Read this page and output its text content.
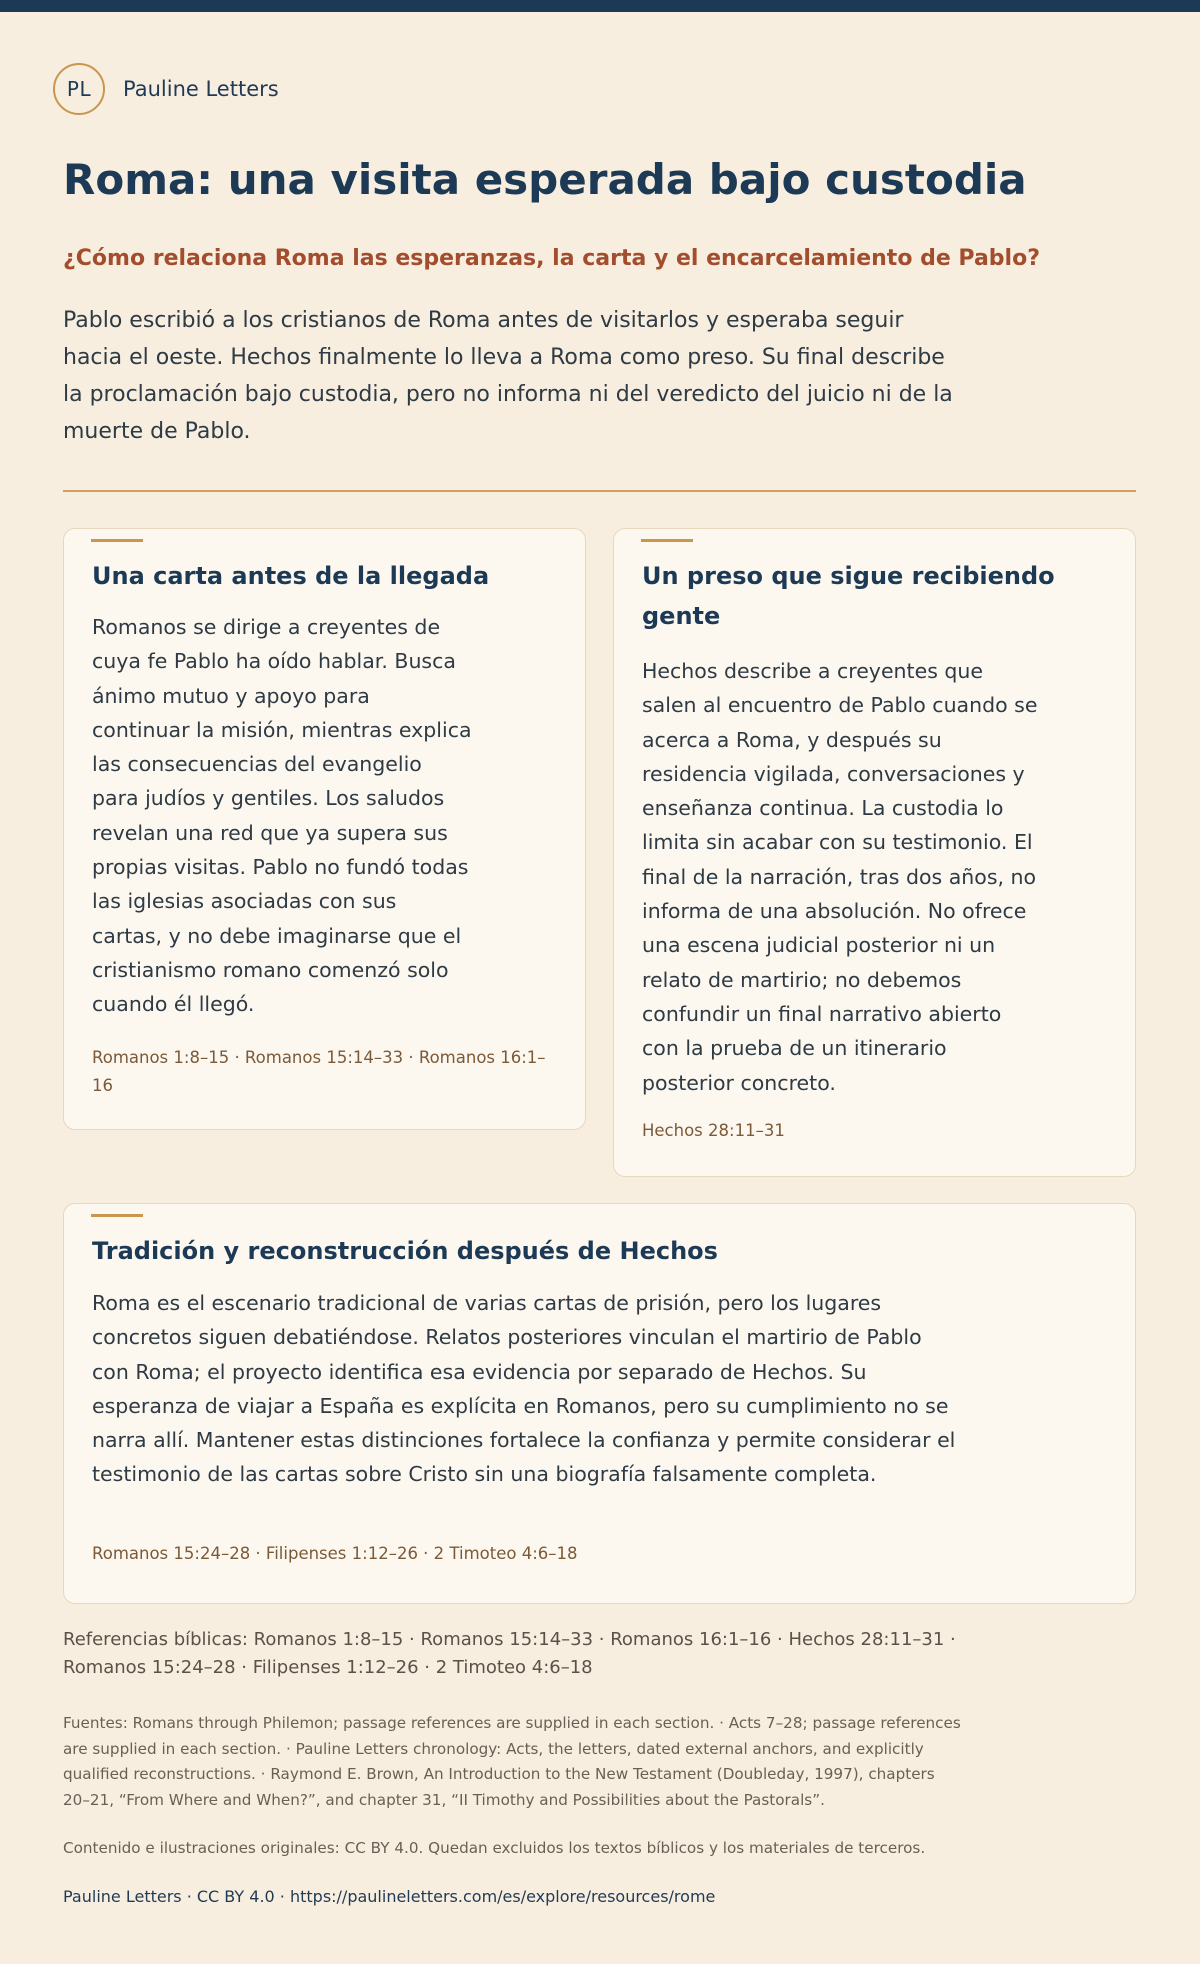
PL	Pauline Letters
Roma: una visita esperada bajo custodia
¿Cómo relaciona Roma las esperanzas, la carta y el encarcelamiento de Pablo?

Pablo escribió a los cristianos de Roma antes de visitarlos y esperaba seguir hacia el oeste. Hechos finalmente lo lleva a Roma como preso. Su final describe la proclamación bajo custodia, pero no informa ni del veredicto del juicio ni de la muerte de Pablo.

Una carta antes de la llegada

Romanos se dirige a creyentes de cuya fe Pablo ha oído hablar. Busca ánimo mutuo y apoyo para continuar la misión, mientras explica las consecuencias del evangelio para judíos y gentiles. Los saludos revelan una red que ya supera sus propias visitas. Pablo no fundó todas las iglesias asociadas con sus cartas, y no debe imaginarse que el cristianismo romano comenzó solo cuando él llegó.

Romanos 1:8–15 · Romanos 15:14–33 · Romanos 16:1–16
Un preso que sigue recibiendo gente

Hechos describe a creyentes que salen al encuentro de Pablo cuando se acerca a Roma, y después su residencia vigilada, conversaciones y enseñanza continua. La custodia lo limita sin acabar con su testimonio. El final de la narración, tras dos años, no informa de una absolución. No ofrece una escena judicial posterior ni un relato de martirio; no debemos confundir un final narrativo abierto con la prueba de un itinerario posterior concreto.

Hechos 28:11–31
Tradición y reconstrucción después de Hechos

Roma es el escenario tradicional de varias cartas de prisión, pero los lugares concretos siguen debatiéndose. Relatos posteriores vinculan el martirio de Pablo con Roma; el proyecto identifica esa evidencia por separado de Hechos. Su esperanza de viajar a España es explícita en Romanos, pero su cumplimiento no se narra allí. Mantener estas distinciones fortalece la confianza y permite considerar el testimonio de las cartas sobre Cristo sin una biografía falsamente completa.

Romanos 15:24–28 · Filipenses 1:12–26 · 2 Timoteo 4:6–18

Referencias bíblicas: Romanos 1:8–15 · Romanos 15:14–33 · Romanos 16:1–16 · Hechos 28:11–31 · Romanos 15:24–28 · Filipenses 1:12–26 · 2 Timoteo 4:6–18

Fuentes: Romans through Philemon; passage references are supplied in each section. · Acts 7–28; passage references are supplied in each section. · Pauline Letters chronology: Acts, the letters, dated external anchors, and explicitly qualified reconstructions. · Raymond E. Brown, An Introduction to the New Testament (Doubleday, 1997), chapters 20–21, “From Where and When?”, and chapter 31, “II Timothy and Possibilities about the Pastorals”.

Contenido e ilustraciones originales: CC BY 4.0. Quedan excluidos los textos bíblicos y los materiales de terceros.

Pauline Letters · CC BY 4.0 · https://paulineletters.com/es/explore/resources/rome
